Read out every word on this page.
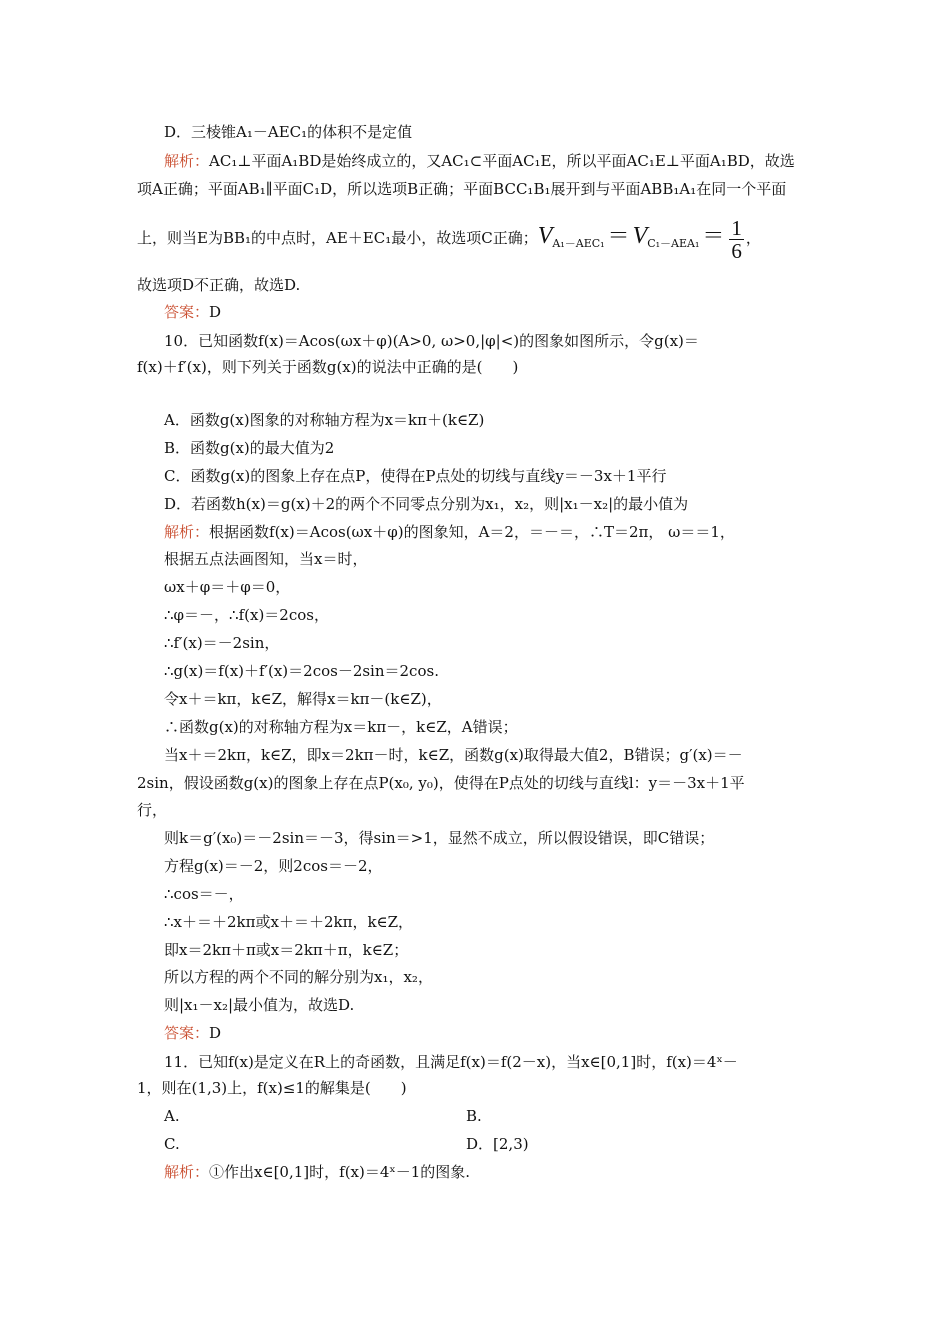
D．三棱锥A₁－AEC₁的体积不是定值
解析：AC₁⊥平面A₁BD是始终成立的，又AC₁⊂平面AC₁E，所以平面AC₁E⊥平面A₁BD，故选
项A正确；平面AB₁∥平面C₁D，所以选项B正确；平面BCC₁B₁展开到与平面ABB₁A₁在同一个平面
上，则当E为BB₁的中点时，AE＋EC₁最小，故选项C正确；$V_{A_1-AEC_1} = V_{C_1-AEA_1} = \frac{1}{6}$ ，
故选项D不正确，故选D.
答案：D
10．已知函数f(x)＝Acos(ωx＋φ)(A>0, ω>0,|φ|<)的图象如图所示，令g(x)＝
f(x)＋f′(x)，则下列关于函数g(x)的说法中正确的是(　　)
A．函数g(x)图象的对称轴方程为x＝kπ＋(k∈Z)
B．函数g(x)的最大值为2
C．函数g(x)的图象上存在点P，使得在P点处的切线与直线y＝－3x＋1平行
D．若函数h(x)＝g(x)＋2的两个不同零点分别为x₁，x₂，则|x₁－x₂|的最小值为
解析：根据函数f(x)＝Acos(ωx＋φ)的图象知，A＝2，＝－＝，∴T＝2π， ω＝＝1，
根据五点法画图知，当x＝时，
ωx＋φ＝＋φ＝0，
∴φ＝－，∴f(x)＝2cos，
∴f′(x)＝－2sin，
∴g(x)＝f(x)＋f′(x)＝2cos－2sin＝2cos.
令x＋＝kπ，k∈Z，解得x＝kπ－(k∈Z)，
∴函数g(x)的对称轴方程为x＝kπ－，k∈Z，A错误；
当x＋＝2kπ，k∈Z，即x＝2kπ－时，k∈Z，函数g(x)取得最大值2，B错误；g′(x)＝－
2sin，假设函数g(x)的图象上存在点P(x₀, y₀)，使得在P点处的切线与直线l：y＝－3x＋1平
行，
则k＝g′(x₀)＝－2sin＝－3，得sin＝>1，显然不成立，所以假设错误，即C错误；
方程g(x)＝－2，则2cos＝－2，
∴cos＝－，
∴x＋＝＋2kπ或x＋＝＋2kπ，k∈Z，
即x＝2kπ＋π或x＝2kπ＋π，k∈Z；
所以方程的两个不同的解分别为x₁，x₂，
则|x₁－x₂|最小值为，故选D.
答案：D
11．已知f(x)是定义在R上的奇函数，且满足f(x)＝f(2－x)，当x∈[0,1]时，f(x)＝4ˣ－
1，则在(1,3)上，f(x)≤1的解集是(　　)
A.	B.
C.	D．[2,3)
解析：①作出x∈[0,1]时，f(x)＝4ˣ－1的图象.
